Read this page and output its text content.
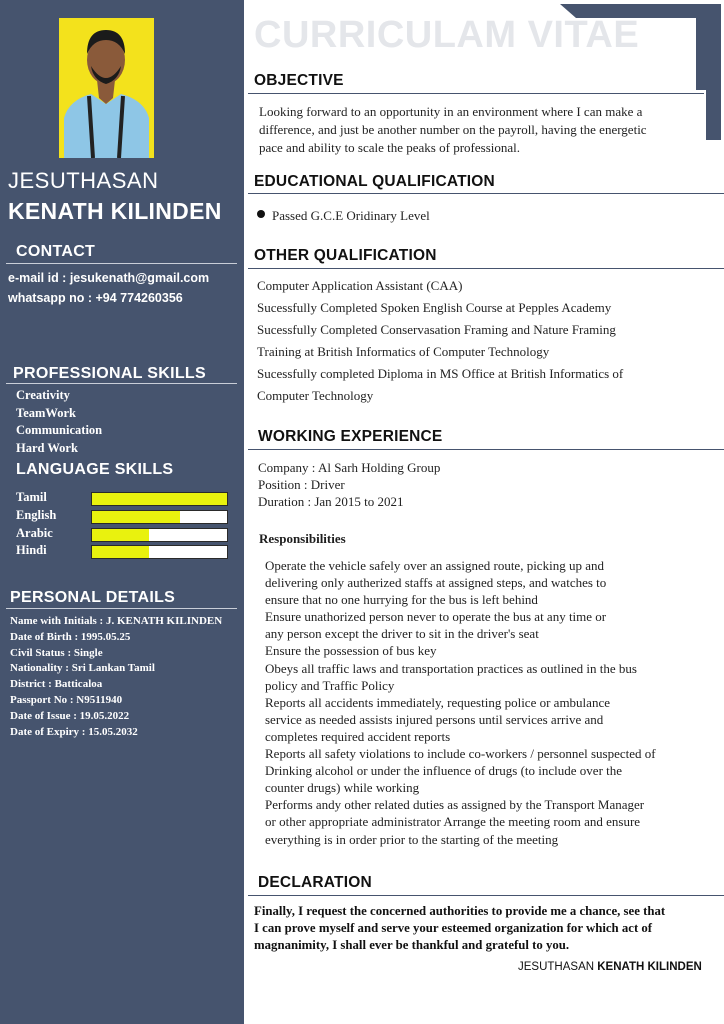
JESUTHASAN
KENATH KILINDEN
CONTACT
e-mail id : jesukenath@gmail.com
whatsapp no : +94 774260356
PROFESSIONAL SKILLS
Creativity
TeamWork
Communication
Hard Work
LANGUAGE SKILLS
Tamil
English
Arabic
Hindi
PERSONAL DETAILS
Name with Initials : J. KENATH KILINDEN
Date of Birth : 1995.05.25
Civil Status : Single
Nationality : Sri Lankan Tamil
District : Batticaloa
Passport No : N9511940
Date of Issue : 19.05.2022
Date of Expiry : 15.05.2032
CURRICULAM VITAE
OBJECTIVE
Looking forward to an opportunity in an environment where I can make a
difference, and just be another number on the payroll, having the energetic
pace and ability to scale the peaks of professional.
EDUCATIONAL QUALIFICATION
Passed G.C.E Oridinary Level
OTHER QUALIFICATION
Computer Application Assistant (CAA)
Sucessfully Completed Spoken English Course at Pepples Academy
Sucessfully Completed Conservasation Framing and Nature Framing
Training at British Informatics of Computer Technology
Sucessfully completed Diploma in MS Office at British Informatics of
Computer Technology
WORKING EXPERIENCE
Company : Al Sarh Holding Group
Position : Driver
Duration : Jan 2015 to 2021
Responsibilities
Operate the vehicle safely over an assigned route, picking up and
delivering only autherized staffs at assigned steps, and watches to
ensure that no one hurrying for the bus is left behind
Ensure unathorized person never to operate the bus at any time or
any person except the driver to sit in the driver's seat
Ensure the possession of bus key
Obeys all traffic laws and transportation practices as outlined in the bus
policy and Traffic Policy
Reports all accidents immediately, requesting police or ambulance
service as needed assists injured persons until services arrive and
completes required accident reports
Reports all safety violations to include co-workers / personnel suspected of
Drinking alcohol or under the influence of drugs (to include over the
counter drugs) while working
Performs andy other related duties as assigned by the Transport Manager
or other appropriate administrator Arrange the meeting room and ensure
everything is in order prior to the starting of the meeting
DECLARATION
Finally, I request the concerned authorities to provide me a chance, see that
I can prove myself and serve your esteemed organization for which act of
magnanimity, I shall ever be thankful and grateful to you.
JESUTHASAN KENATH KILINDEN
